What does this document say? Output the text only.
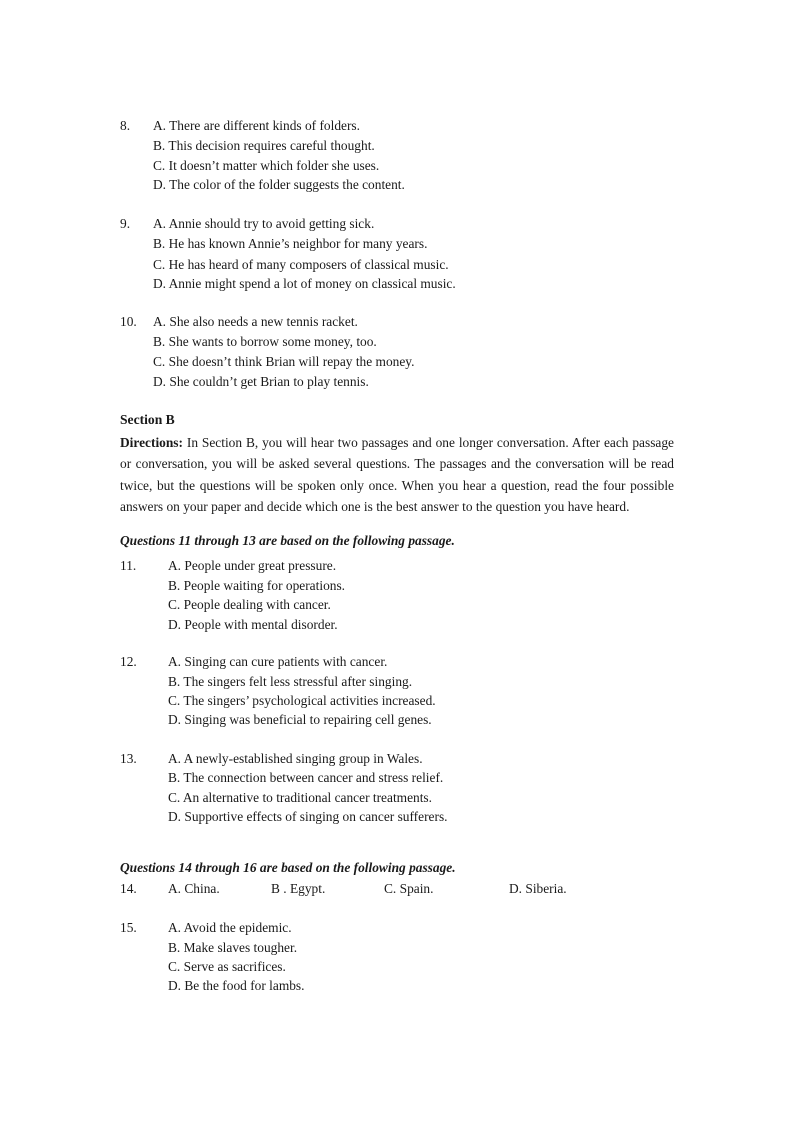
8. A. There are different kinds of folders.
B. This decision requires careful thought.
C. It doesn’t matter which folder she uses.
D. The color of the folder suggests the content.
9. A. Annie should try to avoid getting sick.
B. He has known Annie’s neighbor for many years.
C. He has heard of many composers of classical music.
D. Annie might spend a lot of money on classical music.
10. A. She also needs a new tennis racket.
B. She wants to borrow some money, too.
C. She doesn’t think Brian will repay the money.
D. She couldn’t get Brian to play tennis.
Section B
Directions: In Section B, you will hear two passages and one longer conversation. After each passage or conversation, you will be asked several questions. The passages and the conversation will be read twice, but the questions will be spoken only once. When you hear a question, read the four possible answers on your paper and decide which one is the best answer to the question you have heard.
Questions 11 through 13 are based on the following passage.
11. A. People under great pressure.
B. People waiting for operations.
C. People dealing with cancer.
D. People with mental disorder.
12. A. Singing can cure patients with cancer.
B. The singers felt less stressful after singing.
C. The singers’ psychological activities increased.
D. Singing was beneficial to repairing cell genes.
13. A. A newly-established singing group in Wales.
B. The connection between cancer and stress relief.
C. An alternative to traditional cancer treatments.
D. Supportive effects of singing on cancer sufferers.
Questions 14 through 16 are based on the following passage.
14. A. China.	B . Egypt.	C. Spain.	D. Siberia.
15. A. Avoid the epidemic.
B. Make slaves tougher.
C. Serve as sacrifices.
D. Be the food for lambs.
